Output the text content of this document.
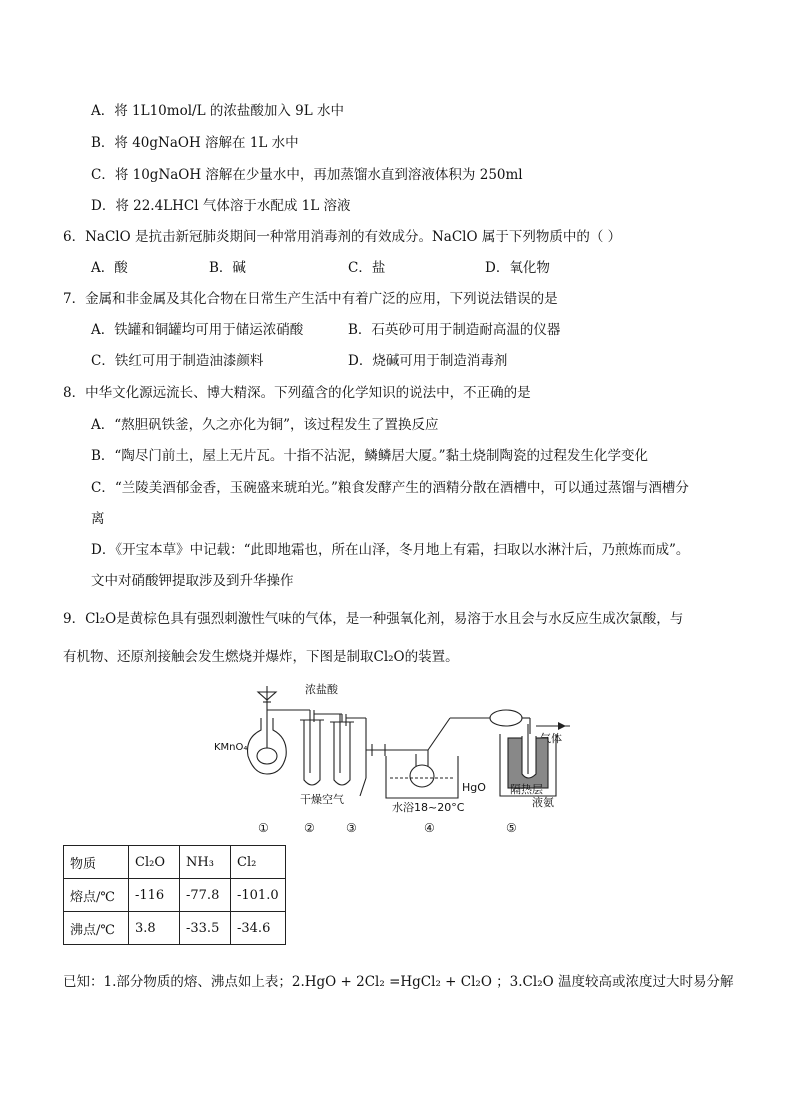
A．将 1L10mol/L 的浓盐酸加入 9L 水中
B．将 40gNaOH 溶解在 1L 水中
C．将 10gNaOH 溶解在少量水中，再加蒸馏水直到溶液体积为 250ml
D．将 22.4LHCl 气体溶于水配成 1L 溶液
6．NaClO 是抗击新冠肺炎期间一种常用消毒剂的有效成分。NaClO 属于下列物质中的（ ）
A．酸	B．碱	C．盐	D．氧化物
7．金属和非金属及其化合物在日常生产生活中有着广泛的应用，下列说法错误的是
A．铁罐和铜罐均可用于储运浓硝酸	B．石英砂可用于制造耐高温的仪器
C．铁红可用于制造油漆颜料	D．烧碱可用于制造消毒剂
8．中华文化源远流长、博大精深。下列蕴含的化学知识的说法中，不正确的是
A．“熬胆矾铁釜，久之亦化为铜”，该过程发生了置换反应
B．“陶尽门前土，屋上无片瓦。十指不沾泥，鳞鳞居大厦。”黏土烧制陶瓷的过程发生化学变化
C．“兰陵美酒郁金香，玉碗盛来琥珀光。”粮食发酵产生的酒精分散在酒槽中，可以通过蒸馏与酒槽分
离
D．《开宝本草》中记载：“此即地霜也，所在山泽，冬月地上有霜，扫取以水淋汁后，乃煎炼而成”。
文中对硝酸钾提取涉及到升华操作
9．Cl₂O是黄棕色具有强烈刺激性气味的气体，是一种强氧化剂，易溶于水且会与水反应生成次氯酸，与
有机物、还原剂接触会发生燃烧并爆炸，下图是制取Cl₂O的装置。
浓盐酸
KMnO₄
干燥空气
水浴18~20°C
HgO 隔热层
气体
液氨
①	②	③	④	⑤
物质	Cl₂O	NH₃	Cl₂
熔点/℃	-116	-77.8	-101.0
沸点/℃	3.8	-33.5	-34.6
已知：1.部分物质的熔、沸点如上表；2.HgO + 2Cl₂ =HgCl₂ + Cl₂O ；3.Cl₂O 温度较高或浓度过大时易分解
